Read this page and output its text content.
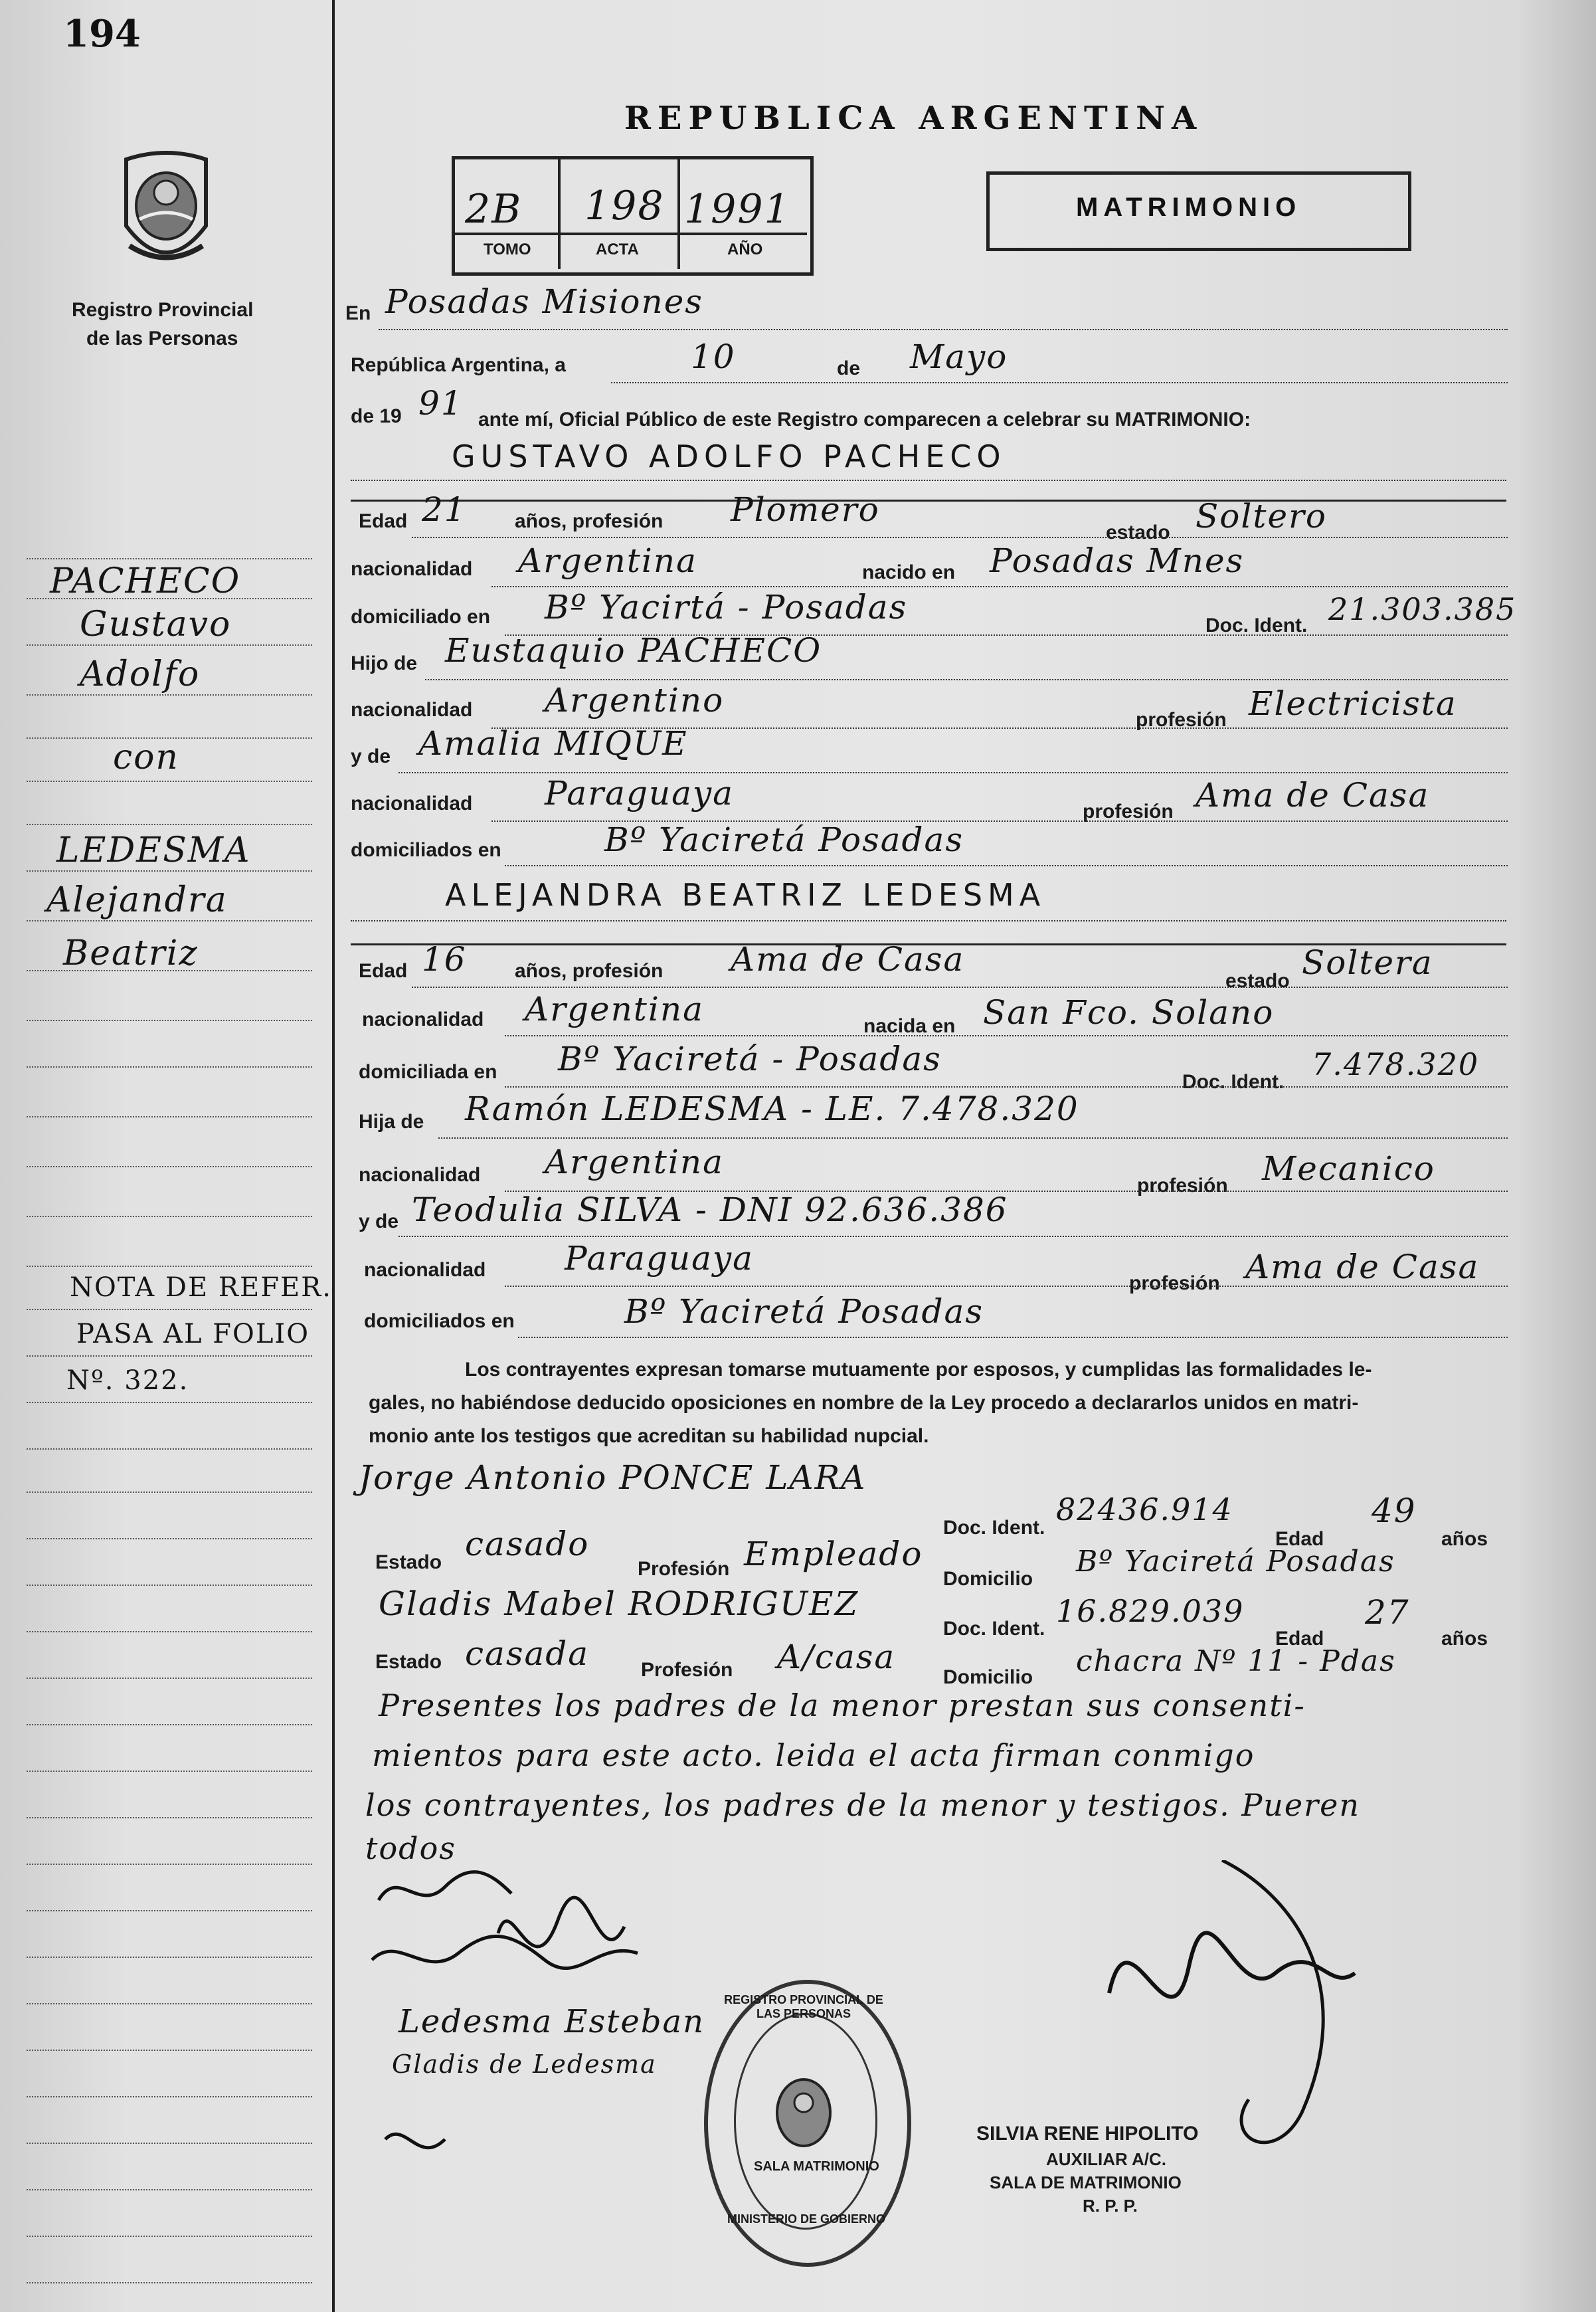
194
Registro Provincial
de las Personas
REPUBLICA ARGENTINA
2B 198 1991
TOMO	ACTA	AÑO
MATRIMONIO
En Posadas Misiones
República Argentina, a	10	de Mayo
de 19 91 ante mí, Oficial Público de este Registro comparecen a celebrar su MATRIMONIO:
GUSTAVO ADOLFO PACHECO
Edad 21 años, profesión Plomero
estado Soltero
nacionalidad Argentina	nacido en Posadas Mnes
domiciliado en Bº Yacirtá - Posadas	Doc. Ident. 21.303.385
Hijo de Eustaquio PACHECO
nacionalidad Argentino
profesión Electricista
y de Amalia MIQUE
nacionalidad Paraguaya	profesión Ama de Casa
domiciliados en	Bº Yaciretá Posadas
ALEJANDRA BEATRIZ LEDESMA
Edad 16 años, profesión Ama de Casa
estado Soltera
nacionalidad Argentina	nacida en San Fco. Solano
domiciliada en Bº Yaciretá - Posadas
Doc. Ident. 7.478.320
Hija de Ramón LEDESMA - LE. 7.478.320
nacionalidad Argentina
profesión Mecanico
y de Teodulia SILVA - DNI 92.636.386
nacionalidad Paraguaya
profesión Ama de Casa
domiciliados en	Bº Yaciretá Posadas
Los contrayentes expresan tomarse mutuamente por esposos, y cumplidas las formalidades le-
gales, no habiéndose deducido oposiciones en nombre de la Ley procedo a declararlos unidos en matri-
monio ante los testigos que acreditan su habilidad nupcial.
Jorge Antonio PONCE LARA
Doc. Ident.
82436.914
Edad
49
años
Estado casado
Profesión Empleado
Domicilio
Bº Yaciretá Posadas
Gladis Mabel RODRIGUEZ
Doc. Ident. 16.829.039
Edad
27
años
Estado casada	Profesión A/casa
Domicilio chacra Nº 11 - Pdas
Presentes los padres de la menor prestan sus consenti-
mientos para este acto. leida el acta firman conmigo
los contrayentes, los padres de la menor y testigos. Pueren
todos
PACHECO
Gustavo
Adolfo
con
LEDESMA
Alejandra
Beatriz
NOTA DE REFER.
PASA AL FOLIO
Nº. 322.
Ledesma Esteban
Gladis de Ledesma
REGISTRO PROVINCIAL DE LAS PERSONAS
SALA MATRIMONIO
MINISTERIO DE GOBIERNO
SILVIA RENE HIPOLITO
AUXILIAR A/C.
SALA DE MATRIMONIO
R. P. P.
